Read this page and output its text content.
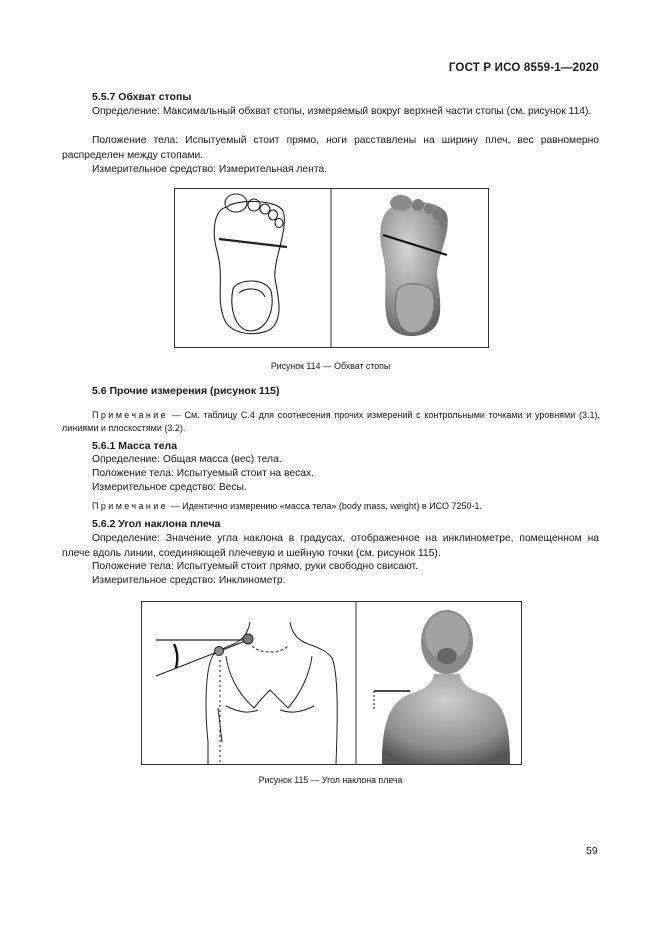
ГОСТ Р ИСО 8559-1—2020
5.5.7 Обхват стопы
Определение: Максимальный обхват стопы, измеряемый вокруг верхней части стопы (см. рисунок 114).
Положение тела: Испытуемый стоит прямо, ноги расставлены на ширину плеч, вес равномерно распределен между стопами.
Измерительное средство: Измерительная лента.
Рисунок 114 — Обхват стопы
5.6 Прочие измерения (рисунок 115)
Примечание — См. таблицу С.4 для соотнесения прочих измерений с контрольными точками и уровнями (3.1), линиями и плоскостями (3.2).
5.6.1 Масса тела
Определение: Общая масса (вес) тела.
Положение тела: Испытуемый стоит на весах.
Измерительное средство: Весы.
Примечание — Идентично измерению «масса тела» (body mass, weight) в ИСО 7250-1.
5.6.2 Угол наклона плеча
Определение: Значение угла наклона в градусах, отображенное на инклинометре, помещенном на плече вдоль линии, соединяющей плечевую и шейную точки (см. рисунок 115).
Положение тела: Испытуемый стоит прямо, руки свободно свисают.
Измерительное средство: Инклинометр.
Рисунок 115 — Угол наклона плеча
59
